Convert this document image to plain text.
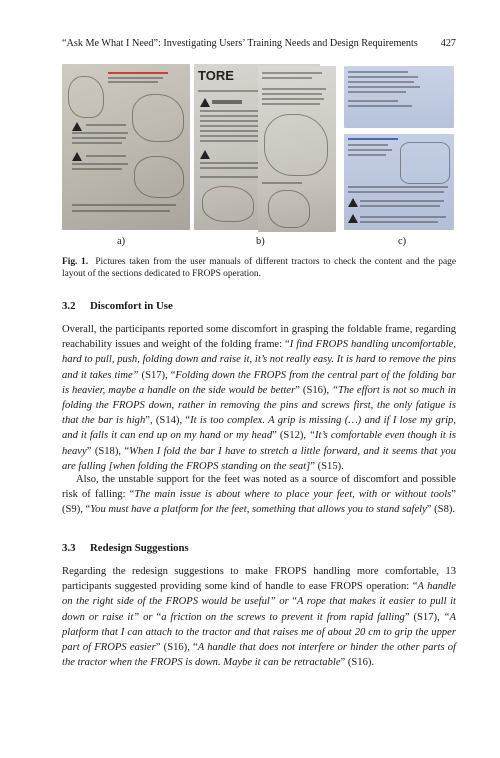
“Ask Me What I Need”: Investigating Users’ Training Needs and Design Requirements 427
TORE
a)	b)	c)
Fig. 1. Pictures taken from the user manuals of different tractors to check the content and the page layout of the sections dedicated to FROPS operation.
3.2 Discomfort in Use

Overall, the participants reported some discomfort in grasping the foldable frame, regarding reachability issues and weight of the folding frame: “I find FROPS handling uncomfortable, hard to pull, push, folding down and raise it, it’s not really easy. It is hard to remove the pins and it takes time” (S17), “Folding down the FROPS from the central part of the folding bar is heavier, maybe a handle on the side would be better” (S16), “The effort is not so much in folding the FROPS down, rather in removing the pins and screws first, the only fatigue is that the bar is high”, (S14), “It is too complex. A grip is missing (…) and if I lose my grip, and it falls it can end up on my hand or my head” (S12), “It’s comfortable even though it is heavy” (S18), “When I fold the bar I have to stretch a little forward, and it seems that you are falling [when folding the FROPS standing on the seat]” (S15).

Also, the unstable support for the feet was noted as a source of discomfort and possible risk of falling: “The main issue is about where to place your feet, with or without tools” (S9), “You must have a platform for the feet, something that allows you to stand safely” (S8).

3.3 Redesign Suggestions

Regarding the redesign suggestions to make FROPS handling more comfortable, 13 participants suggested providing some kind of handle to ease FROPS operation: “A handle on the right side of the FROPS would be useful” or “A rope that makes it easier to pull it down or raise it” or “a friction on the screws to prevent it from rapid falling” (S17), “A platform that I can attach to the tractor and that raises me of about 20 cm to grip the upper part of FROPS easier” (S16), “A handle that does not interfere or hinder the other parts of the tractor when the FROPS is down. Maybe it can be retractable” (S16).
